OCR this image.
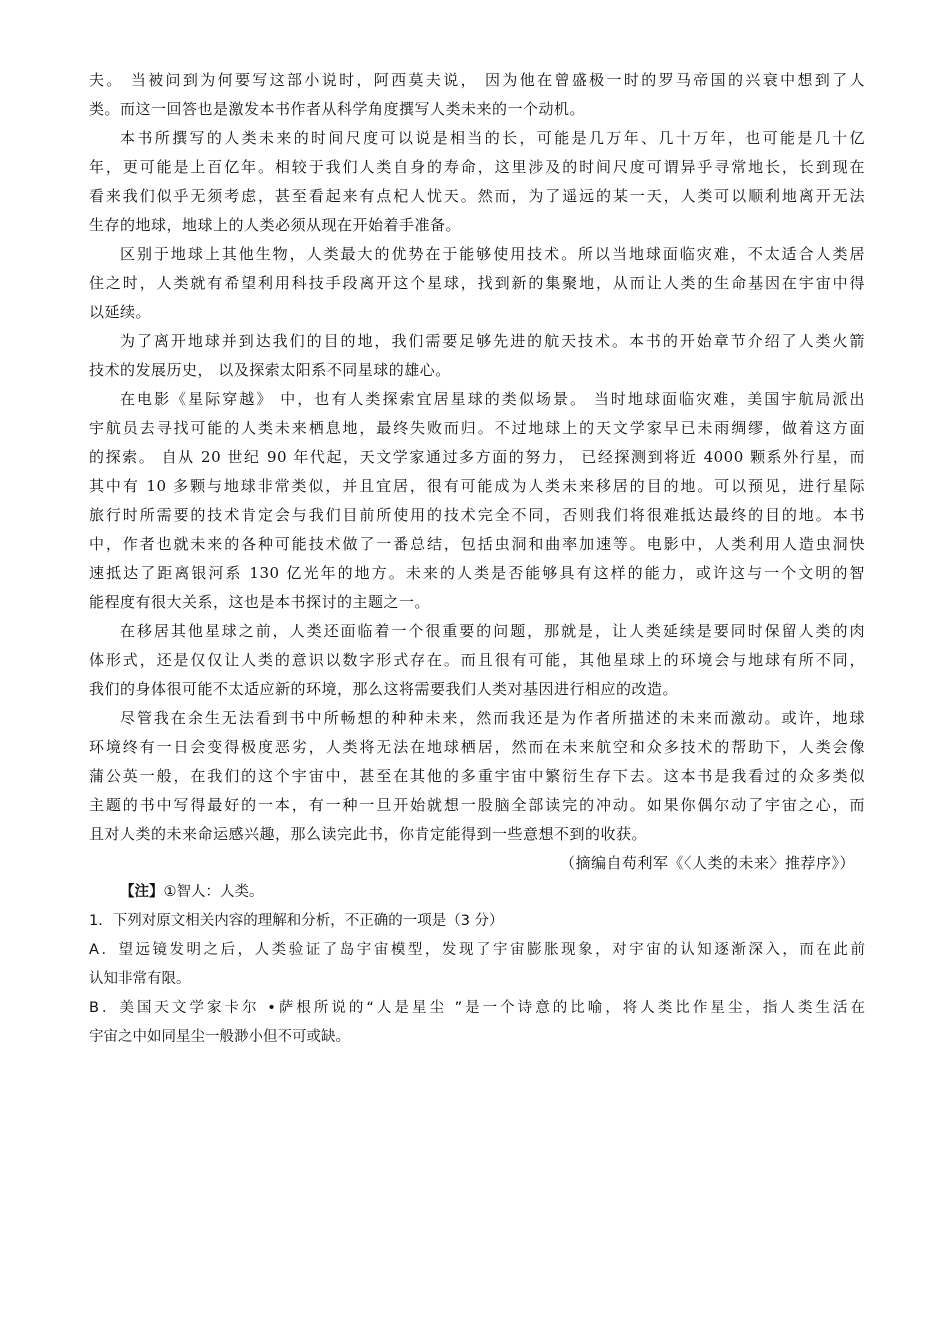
夫。 当被问到为何要写这部小说时，阿西莫夫说， 因为他在曾盛极一时的罗马帝国的兴衰中想到了人
类。而这一回答也是激发本书作者从科学角度撰写人类未来的一个动机。
本书所撰写的人类未来的时间尺度可以说是相当的长，可能是几万年、几十万年，也可能是几十亿
年，更可能是上百亿年。相较于我们人类自身的寿命，这里涉及的时间尺度可谓异乎寻常地长，长到现在
看来我们似乎无须考虑，甚至看起来有点杞人忧天。然而，为了遥远的某一天，人类可以顺利地离开无法
生存的地球，地球上的人类必须从现在开始着手准备。
区别于地球上其他生物，人类最大的优势在于能够使用技术。所以当地球面临灾难，不太适合人类居
住之时，人类就有希望利用科技手段离开这个星球，找到新的集聚地，从而让人类的生命基因在宇宙中得
以延续。
为了离开地球并到达我们的目的地，我们需要足够先进的航天技术。本书的开始章节介绍了人类火箭
技术的发展历史， 以及探索太阳系不同星球的雄心。
在电影《星际穿越》 中，也有人类探索宜居星球的类似场景。 当时地球面临灾难，美国宇航局派出
宇航员去寻找可能的人类未来栖息地，最终失败而归。不过地球上的天文学家早已未雨绸缪，做着这方面
的探索。 自从 20 世纪 90 年代起，天文学家通过多方面的努力， 已经探测到将近 4000 颗系外行星，而
其中有 10 多颗与地球非常类似，并且宜居，很有可能成为人类未来移居的目的地。可以预见，进行星际
旅行时所需要的技术肯定会与我们目前所使用的技术完全不同，否则我们将很难抵达最终的目的地。本书
中，作者也就未来的各种可能技术做了一番总结，包括虫洞和曲率加速等。电影中，人类利用人造虫洞快
速抵达了距离银河系 130 亿光年的地方。未来的人类是否能够具有这样的能力，或许这与一个文明的智
能程度有很大关系，这也是本书探讨的主题之一。
在移居其他星球之前，人类还面临着一个很重要的问题，那就是，让人类延续是要同时保留人类的肉
体形式，还是仅仅让人类的意识以数字形式存在。而且很有可能，其他星球上的环境会与地球有所不同，
我们的身体很可能不太适应新的环境，那么这将需要我们人类对基因进行相应的改造。
尽管我在余生无法看到书中所畅想的种种未来，然而我还是为作者所描述的未来而激动。或许，地球
环境终有一日会变得极度恶劣，人类将无法在地球栖居，然而在未来航空和众多技术的帮助下，人类会像
蒲公英一般，在我们的这个宇宙中，甚至在其他的多重宇宙中繁衍生存下去。这本书是我看过的众多类似
主题的书中写得最好的一本，有一种一旦开始就想一股脑全部读完的冲动。如果你偶尔动了宇宙之心，而
且对人类的未来命运感兴趣，那么读完此书，你肯定能得到一些意想不到的收获。
（摘编自苟利军《〈人类的未来〉推荐序》）
【注】①智人：人类。
1．下列对原文相关内容的理解和分析，不正确的一项是（3 分）
A．望远镜发明之后，人类验证了岛宇宙模型，发现了宇宙膨胀现象，对宇宙的认知逐渐深入，而在此前
认知非常有限。
B．美国天文学家卡尔 •萨根所说的“人是星尘 ”是一个诗意的比喻，将人类比作星尘，指人类生活在
宇宙之中如同星尘一般渺小但不可或缺。
